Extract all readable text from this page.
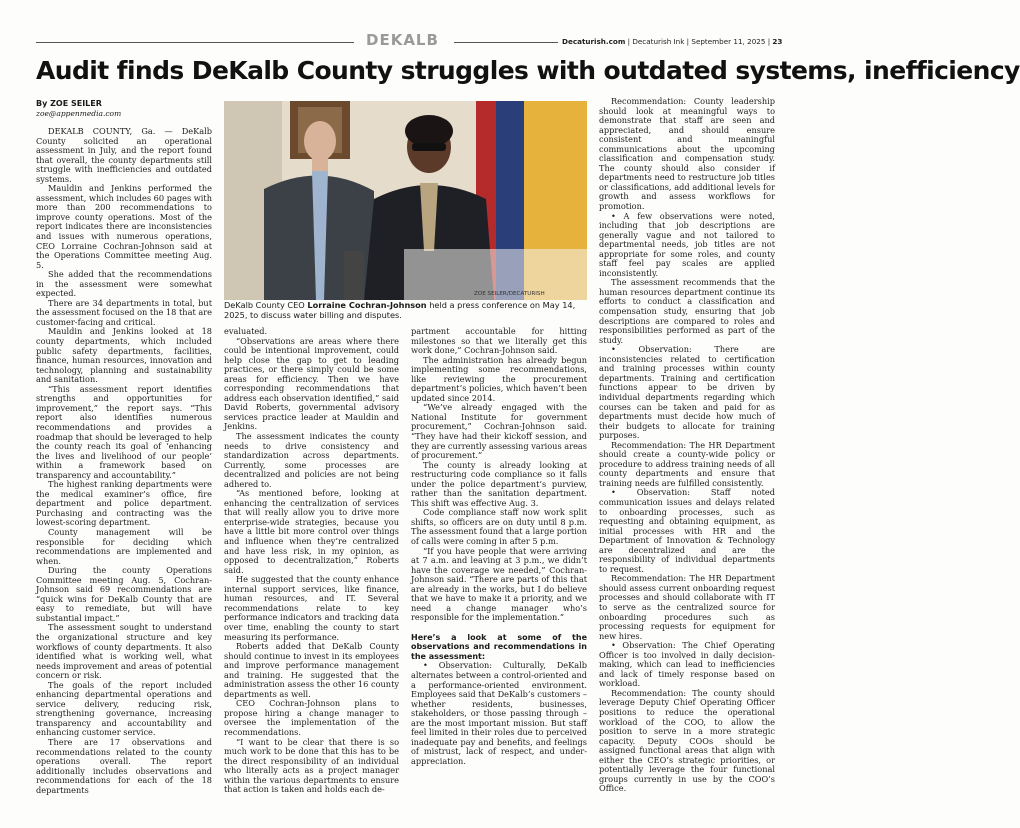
DEKALB	Decaturish.com | Decaturish Ink | September 11, 2025 | 23
Audit finds DeKalb County struggles with outdated systems, inefficiency
By ZOE SEILER
zoe@appenmedia.com

DEKALB COUNTY, Ga. — DeKalb County solicited an operational assessment in July, and the report found that overall, the county departments still struggle with inefficiencies and outdated systems.

Mauldin and Jenkins performed the assessment, which includes 60 pages with more than 200 recommendations to improve county operations. Most of the report indicates there are inconsistencies and issues with numerous operations, CEO Lorraine Cochran-Johnson said at the Operations Committee meeting Aug. 5.

She added that the recommendations in the assessment were somewhat expected.

There are 34 departments in total, but the assessment focused on the 18 that are customer-facing and critical.

Mauldin and Jenkins looked at 18 county departments, which included public safety departments, facilities, finance, human resources, innovation and technology, planning and sustainability and sanitation.

“This assessment report identifies strengths and opportunities for improvement,” the report says. “This report also identifies numerous recommendations and provides a roadmap that should be leveraged to help the county reach its goal of ‘enhancing the lives and livelihood of our people’ within a framework based on transparency and accountability.”

The highest ranking departments were the medical examiner’s office, fire department and police department. Purchasing and contracting was the lowest-scoring department.

County management will be responsible for deciding which recommendations are implemented and when.

During the county Operations Committee meeting Aug. 5, Cochran-Johnson said 69 recommendations are “quick wins for DeKalb County that are easy to remediate, but will have substantial impact.”

The assessment sought to understand the organizational structure and key workflows of county departments. It also identified what is working well, what needs improvement and areas of potential concern or risk.

The goals of the report included enhancing departmental operations and service delivery, reducing risk, strengthening governance, increasing transparency and accountability and enhancing customer service.

There are 17 observations and recommendations related to the county operations overall. The report additionally includes observations and recommendations for each of the 18 departments

ZOE SEILER/DECATURISH
DeKalb County CEO Lorraine Cochran-Johnson held a press conference on May 14, 2025, to discuss water billing and disputes.

evaluated.

“Observations are areas where there could be intentional improvement, could help close the gap to get to leading practices, or there simply could be some areas for efficiency. Then we have corresponding recommendations that address each observation identified,” said David Roberts, governmental advisory services practice leader at Mauldin and Jenkins.

The assessment indicates the county needs to drive consistency and standardization across departments. Currently, some processes are decentralized and policies are not being adhered to.

“As mentioned before, looking at enhancing the centralization of services that will really allow you to drive more enterprise-wide strategies, because you have a little bit more control over things and influence when they’re centralized and have less risk, in my opinion, as opposed to decentralization,” Roberts said.

He suggested that the county enhance internal support services, like finance, human resources, and IT. Several recommendations relate to key performance indicators and tracking data over time, enabling the county to start measuring its performance.

Roberts added that DeKalb County should continue to invest in its employees and improve performance management and training. He suggested that the administration assess the other 16 county departments as well.

CEO Cochran-Johnson plans to propose hiring a change manager to oversee the implementation of the recommendations.

“I want to be clear that there is so much work to be done that this has to be the direct responsibility of an individual who literally acts as a project manager within the various departments to ensure that action is taken and holds each de-

partment accountable for hitting milestones so that we literally get this work done,” Cochran-Johnson said.

The administration has already begun implementing some recommendations, like reviewing the procurement department’s policies, which haven’t been updated since 2014.

“We’ve already engaged with the National Institute for government procurement,” Cochran-Johnson said. “They have had their kickoff session, and they are currently assessing various areas of procurement.”

The county is already looking at restructuring code compliance so it falls under the police department’s purview, rather than the sanitation department. This shift was effective Aug. 3.

Code compliance staff now work split shifts, so officers are on duty until 8 p.m. The assessment found that a large portion of calls were coming in after 5 p.m.

“If you have people that were arriving at 7 a.m. and leaving at 3 p.m., we didn’t have the coverage we needed,” Cochran-Johnson said. “There are parts of this that are already in the works, but I do believe that we have to make it a priority, and we need a change manager who’s responsible for the implementation.”

Here’s a look at some of the observations and recommendations in the assessment:

• Observation: Culturally, DeKalb alternates between a control-oriented and a performance-oriented environment. Employees said that DeKalb’s customers – whether residents, businesses, stakeholders, or those passing through – are the most important mission. But staff feel limited in their roles due to perceived inadequate pay and benefits, and feelings of mistrust, lack of respect, and under-appreciation.

Recommendation: County leadership should look at meaningful ways to demonstrate that staff are seen and appreciated, and should ensure consistent and meaningful communications about the upcoming classification and compensation study. The county should also consider if departments need to restructure job titles or classifications, add additional levels for growth and assess workflows for promotion.

• A few observations were noted, including that job descriptions are generally vague and not tailored to departmental needs, job titles are not appropriate for some roles, and county staff feel pay scales are applied inconsistently.

The assessment recommends that the human resources department continue its efforts to conduct a classification and compensation study, ensuring that job descriptions are compared to roles and responsibilities performed as part of the study.

• Observation: There are inconsistencies related to certification and training processes within county departments. Training and certification functions appear to be driven by individual departments regarding which courses can be taken and paid for as departments must decide how much of their budgets to allocate for training purposes.

Recommendation: The HR Department should create a county-wide policy or procedure to address training needs of all county departments and ensure that training needs are fulfilled consistently.

• Observation: Staff noted communication issues and delays related to onboarding processes, such as requesting and obtaining equipment, as initial processes with HR and the Department of Innovation & Technology are decentralized and are the responsibility of individual departments to request.

Recommendation: The HR Department should assess current onboarding request processes and should collaborate with IT to serve as the centralized source for onboarding procedures such as processing requests for equipment for new hires.

• Observation: The Chief Operating Officer is too involved in daily decision-making, which can lead to inefficiencies and lack of timely response based on workload.

Recommendation: The county should leverage Deputy Chief Operating Officer positions to reduce the operational workload of the COO, to allow the position to serve in a more strategic capacity. Deputy COOs should be assigned functional areas that align with either the CEO’s strategic priorities, or potentially leverage the four functional groups currently in use by the COO’s Office.
